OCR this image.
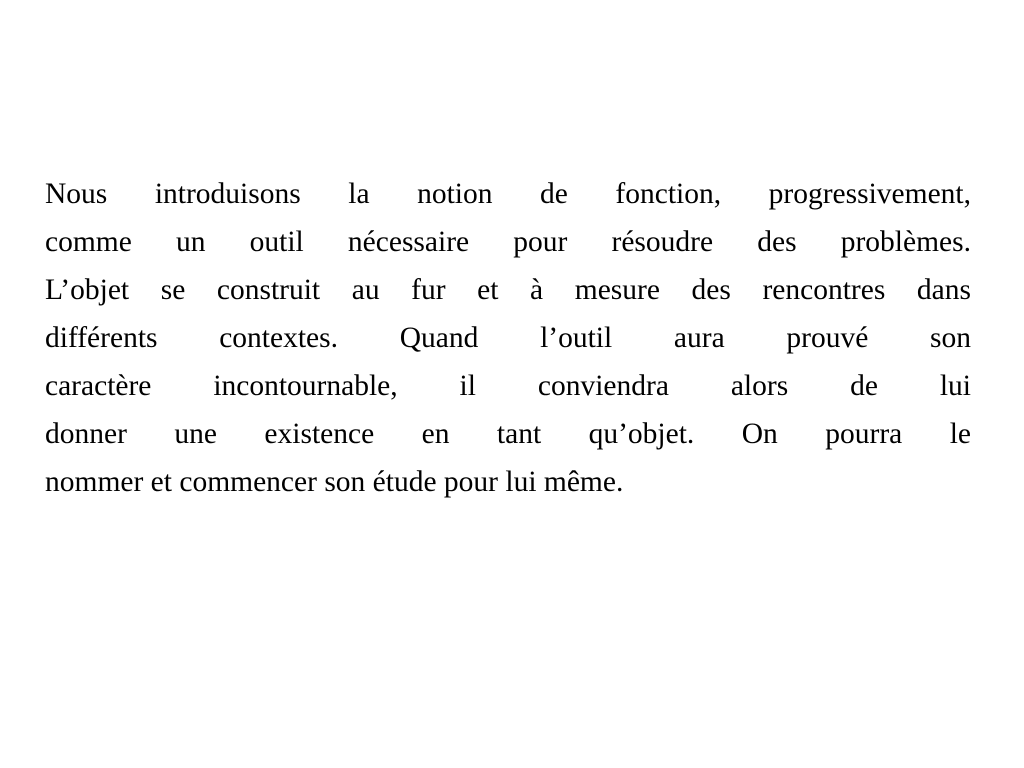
Nous introduisons la notion de fonction, progressivement,
comme un outil nécessaire pour résoudre des problèmes.
L’objet se construit au fur et à mesure des rencontres dans
différents contextes. Quand l’outil aura prouvé son
caractère incontournable, il conviendra alors de lui
donner une existence en tant qu’objet. On pourra le
nommer et commencer son étude pour lui même.
